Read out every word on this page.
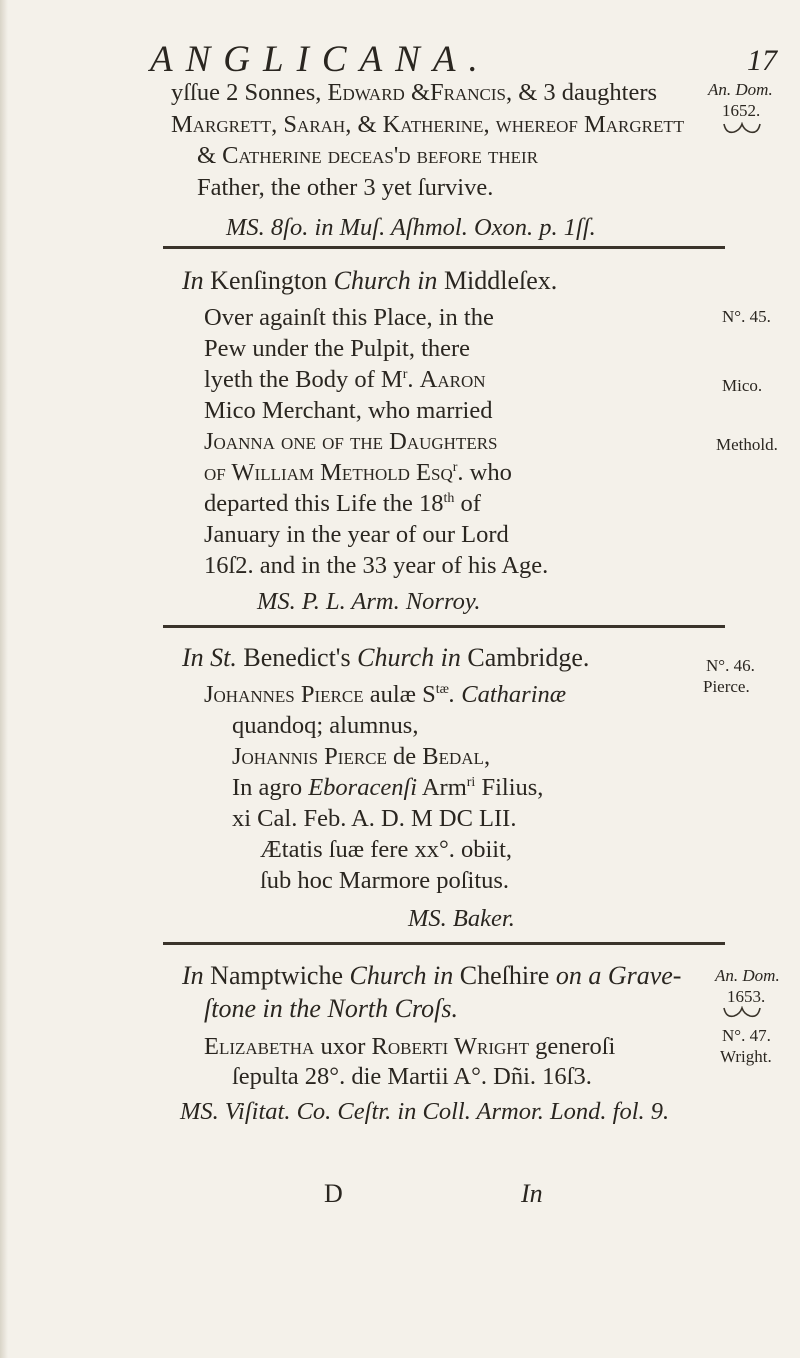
ANGLICANA.	17
yſſue 2 Sonnes, Edward &Francis, & 3 daughters
Margrett, Sarah, & Katherine, whereof Margrett
& Catherine deceas'd before their
Father, the other 3 yet ſurvive.
MS. 8ſo. in Muſ. Aſhmol. Oxon. p. 1ſſ.
An. Dom.
1652.
In Kenſington Church in Middleſex.
Over againſt this Place, in the
Pew under the Pulpit, there
lyeth the Body of $M^r$. Aaron
Mico Merchant, who married
Joanna one of the Daughters
of William Methold Eſq$^r$. who
departed this Life the 18th of
January in the year of our Lord
16ſ2. and in the 33 year of his Age.
MS. P. L. Arm. Norroy.
N°. 45.
Mico.
Methold.
In St. Benedict's Church in Cambridge.
Johannes Pierce aulæ $S^{tæ}$. Catharinæ
quandoq; alumnus,
Johannis Pierce de Bedal,
In agro Eboracenſi Arm$^{ri}$ Filius,
xi Cal. Feb. A. D. M DC LII.
Ætatis ſuæ fere xx°. obiit,
ſub hoc Marmore poſitus.
MS. Baker.
N°. 46.
Pierce.
In Namptwiche Church in Cheſhire on a Grave-
ſtone in the North Croſs.
Elizabetha uxor Roberti Wright generoſi
ſepulta 28°. die Martii A°. Dñi. 16ſ3.
MS. Viſitat. Co. Ceſtr. in Coll. Armor. Lond. fol. 9.
An. Dom.
1653.
N°. 47.
Wright.
D	In
